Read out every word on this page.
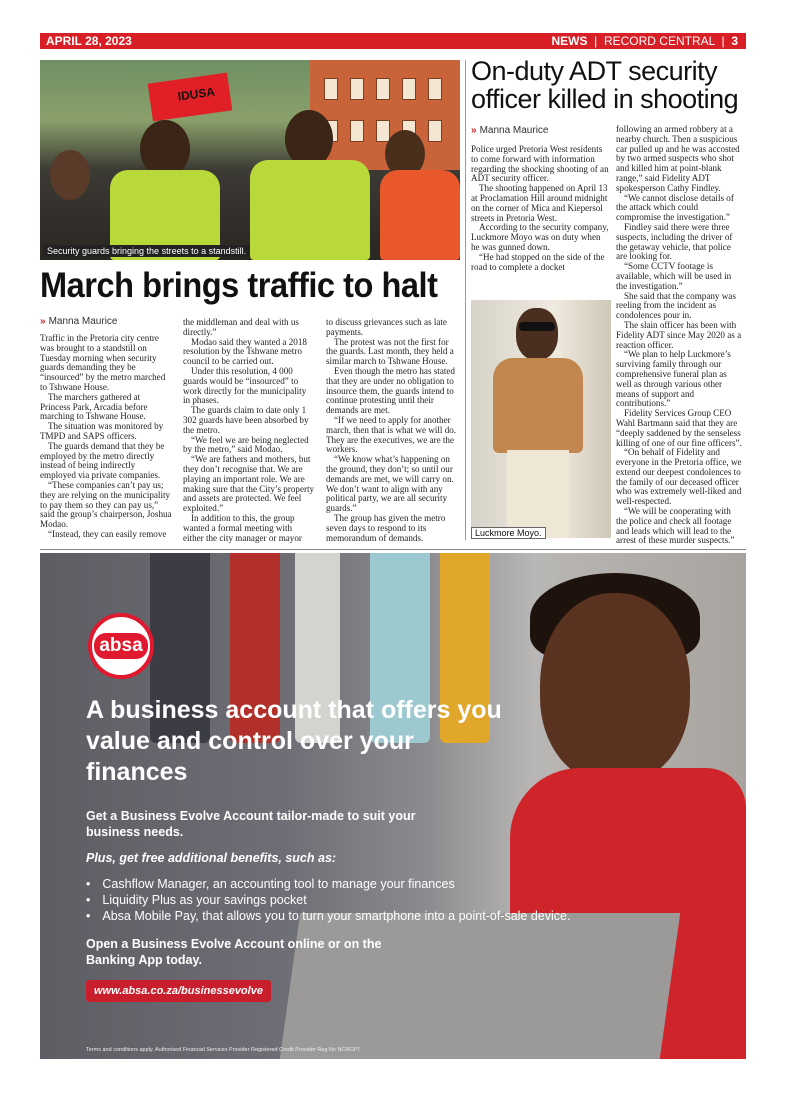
APRIL 28, 2023	NEWS  |  RECORD CENTRAL  |  3
IDUSA
Security guards bringing the streets to a standstill.
On-duty ADT security officer killed in shooting
» Manna Maurice

Police urged Pretoria West residents to come forward with information regarding the shocking shooting of an ADT security officer.

The shooting happened on April 13 at Proclamation Hill around midnight on the corner of Mica and Kiepersol streets in Pretoria West.

According to the security company, Luckmore Moyo was on duty when he was gunned down.

“He had stopped on the side of the road to complete a docket

following an armed robbery at a nearby church. Then a suspicious car pulled up and he was accosted by two armed suspects who shot and killed him at point-blank range,” said Fidelity ADT spokesperson Cathy Findley.

“We cannot disclose details of the attack which could compromise the investigation.”

Findley said there were three suspects, including the driver of the getaway vehicle, that police are looking for.

“Some CCTV footage is available, which will be used in the investigation.”

She said that the company was reeling from the incident as condolences pour in.

The slain officer has been with Fidelity ADT since May 2020 as a reaction officer.

“We plan to help Luckmore’s surviving family through our comprehensive funeral plan as well as through various other means of support and contributions.”

Fidelity Services Group CEO Wahl Bartmann said that they are “deeply saddened by the senseless killing of one of our fine officers”.

“On behalf of Fidelity and everyone in the Pretoria office, we extend our deepest condolences to the family of our deceased officer who was extremely well-liked and well-respected.

“We will be cooperating with the police and check all footage and leads which will lead to the arrest of these murder suspects.”

Luckmore Moyo.
March brings traffic to halt
» Manna Maurice

Traffic in the Pretoria city centre was brought to a standstill on Tuesday morning when security guards demanding they be “insourced” by the metro marched to Tshwane House.

The marchers gathered at Princess Park, Arcadia before marching to Tshwane House.

The situation was monitored by TMPD and SAPS officers.

The guards demand that they be employed by the metro directly instead of being indirectly employed via private companies.

“These companies can’t pay us; they are relying on the municipality to pay them so they can pay us,” said the group’s chairperson, Joshua Modao.

“Instead, they can easily remove

the middleman and deal with us directly.”

Modao said they wanted a 2018 resolution by the Tshwane metro council to be carried out.

Under this resolution, 4 000 guards would be “insourced” to work directly for the municipality in phases.

The guards claim to date only 1 302 guards have been absorbed by the metro.

“We feel we are being neglected by the metro,” said Modao.

“We are fathers and mothers, but they don’t recognise that. We are playing an important role. We are making sure that the City’s property and assets are protected. We feel exploited.”

In addition to this, the group wanted a formal meeting with either the city manager or mayor

to discuss grievances such as late payments.

The protest was not the first for the guards. Last month, they held a similar march to Tshwane House.

Even though the metro has stated that they are under no obligation to insource them, the guards intend to continue protesting until their demands are met.

“If we need to apply for another march, then that is what we will do. They are the executives, we are the workers.

“We know what’s happening on the ground, they don’t; so until our demands are met, we will carry on. We don’t want to align with any political party, we are all security guards.”

The group has given the metro seven days to respond to its memorandum of demands.

absa
A business account that offers you value and control over your finances
Get a Business Evolve Account tailor-made to suit your business needs.
Plus, get free additional benefits, such as:
• Cashflow Manager, an accounting tool to manage your finances
• Liquidity Plus as your savings pocket
• Absa Mobile Pay, that allows you to turn your smartphone into a point-of-sale device.
Open a Business Evolve Account online or on the Banking App today.
www.absa.co.za/businessevolve
Terms and conditions apply. Authorised Financial Services Provider Registered Credit Provider Reg No NCRCP7
